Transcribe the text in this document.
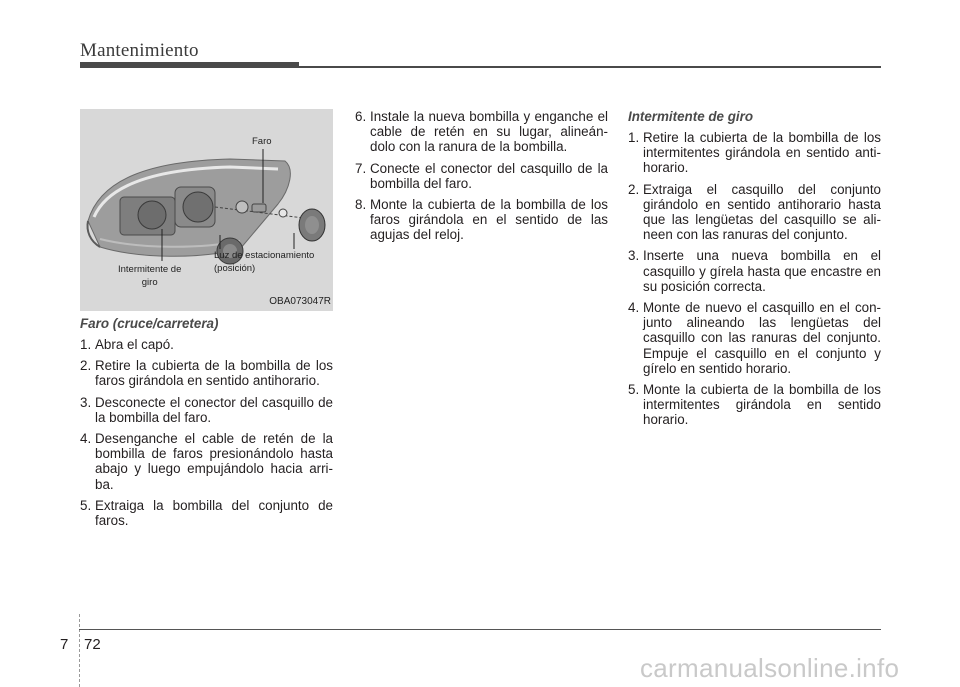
Mantenimiento
Faro
Intermitente de
giro
Luz de estacionamiento
(posición)
OBA073047R
Faro (cruce/carretera)
1. Abra el capó.
2. Retire la cubierta de la bombilla de los faros girándola en sentido antihorario.
3. Desconecte el conector del casquillo de la bombilla del faro.
4. Desenganche el cable de retén de la bombilla de faros presionándolo hasta abajo y luego empujándolo hacia arri- ba.
5. Extraiga la bombilla del conjunto de faros.
6. Instale la nueva bombilla y enganche el cable de retén en su lugar, alineán- dolo con la ranura de la bombilla.
7. Conecte el conector del casquillo de la bombilla del faro.
8. Monte la cubierta de la bombilla de los faros girándola en el sentido de las agujas del reloj.
Intermitente de giro
1. Retire la cubierta de la bombilla de los intermitentes girándola en sentido anti- horario.
2. Extraiga el casquillo del conjunto girándolo en sentido antihorario hasta que las lengüetas del casquillo se ali- neen con las ranuras del conjunto.
3. Inserte una nueva bombilla en el casquillo y gírela hasta que encastre en su posición correcta.
4. Monte de nuevo el casquillo en el con- junto alineando las lengüetas del casquillo con las ranuras del conjunto. Empuje el casquillo en el conjunto y gírelo en sentido horario.
5. Monte la cubierta de la bombilla de los intermitentes girándola en sentido horario.
7 72
carmanualsonline.info
